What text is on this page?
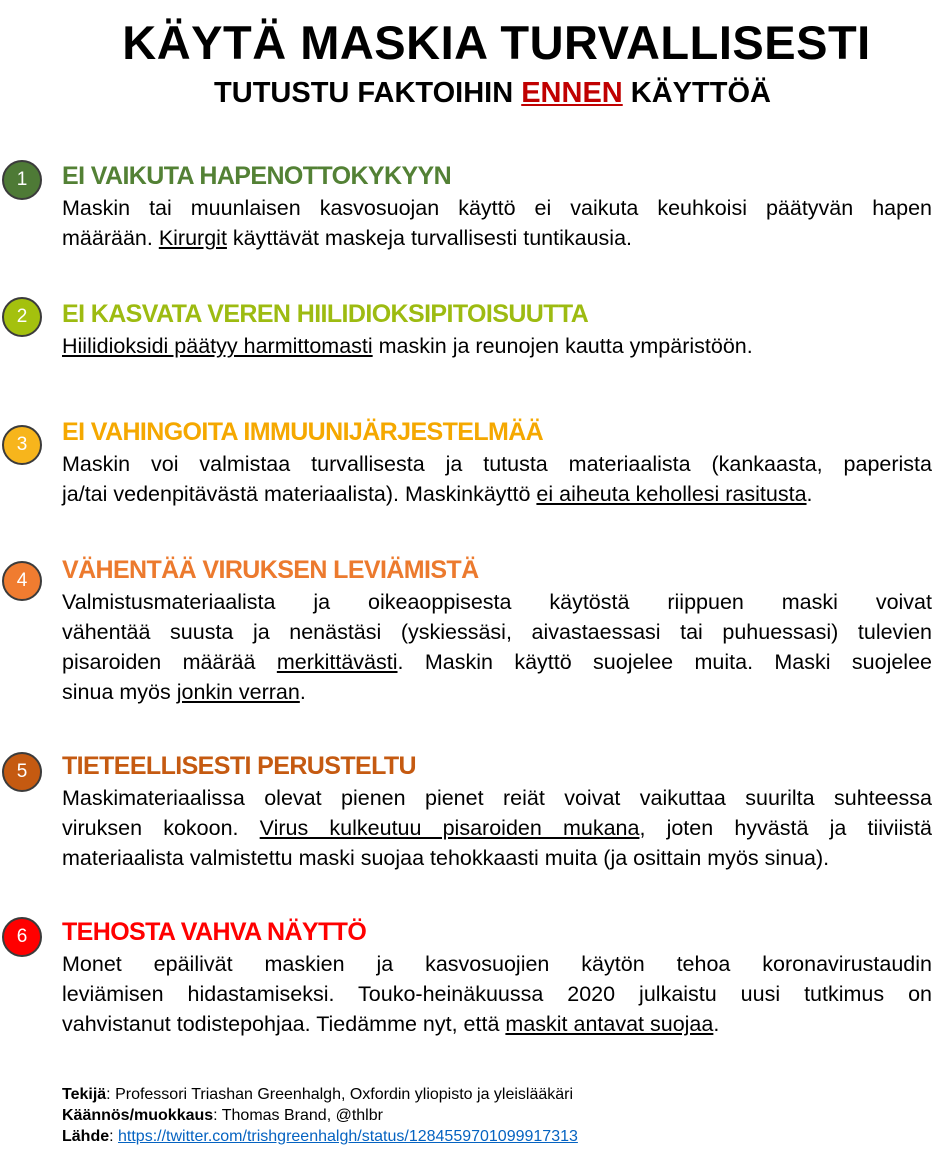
KÄYTÄ MASKIA TURVALLISESTI
TUTUSTU FAKTOIHIN ENNEN KÄYTTÖÄ
1	EI VAIKUTA HAPENOTTOKYKYYN
Maskin tai muunlaisen kasvosuojan käyttö ei vaikuta keuhkoisi päätyvän hapen
määrään. Kirurgit käyttävät maskeja turvallisesti tuntikausia.
2	EI KASVATA VEREN HIILIDIOKSIPITOISUUTTA
Hiilidioksidi päätyy harmittomasti maskin ja reunojen kautta ympäristöön.
3	EI VAHINGOITA IMMUUNIJÄRJESTELMÄÄ
Maskin voi valmistaa turvallisesta ja tutusta materiaalista (kankaasta, paperista
ja/tai vedenpitävästä materiaalista). Maskinkäyttö ei aiheuta kehollesi rasitusta.
4	VÄHENTÄÄ VIRUKSEN LEVIÄMISTÄ
Valmistusmateriaalista ja oikeaoppisesta käytöstä riippuen maski voivat
vähentää suusta ja nenästäsi (yskiessäsi, aivastaessasi tai puhuessasi) tulevien
pisaroiden määrää merkittävästi. Maskin käyttö suojelee muita. Maski suojelee
sinua myös jonkin verran.
5	TIETEELLISESTI PERUSTELTU
Maskimateriaalissa olevat pienen pienet reiät voivat vaikuttaa suurilta suhteessa
viruksen kokoon. Virus kulkeutuu pisaroiden mukana, joten hyvästä ja tiiviistä
materiaalista valmistettu maski suojaa tehokkaasti muita (ja osittain myös sinua).
6	TEHOSTA VAHVA NÄYTTÖ
Monet epäilivät maskien ja kasvosuojien käytön tehoa koronavirustaudin
leviämisen hidastamiseksi. Touko-heinäkuussa 2020 julkaistu uusi tutkimus on
vahvistanut todistepohjaa. Tiedämme nyt, että maskit antavat suojaa.
Tekijä: Professori Triashan Greenhalgh, Oxfordin yliopisto ja yleislääkäri
Käännös/muokkaus: Thomas Brand, @thlbr
Lähde: https://twitter.com/trishgreenhalgh/status/1284559701099917313
